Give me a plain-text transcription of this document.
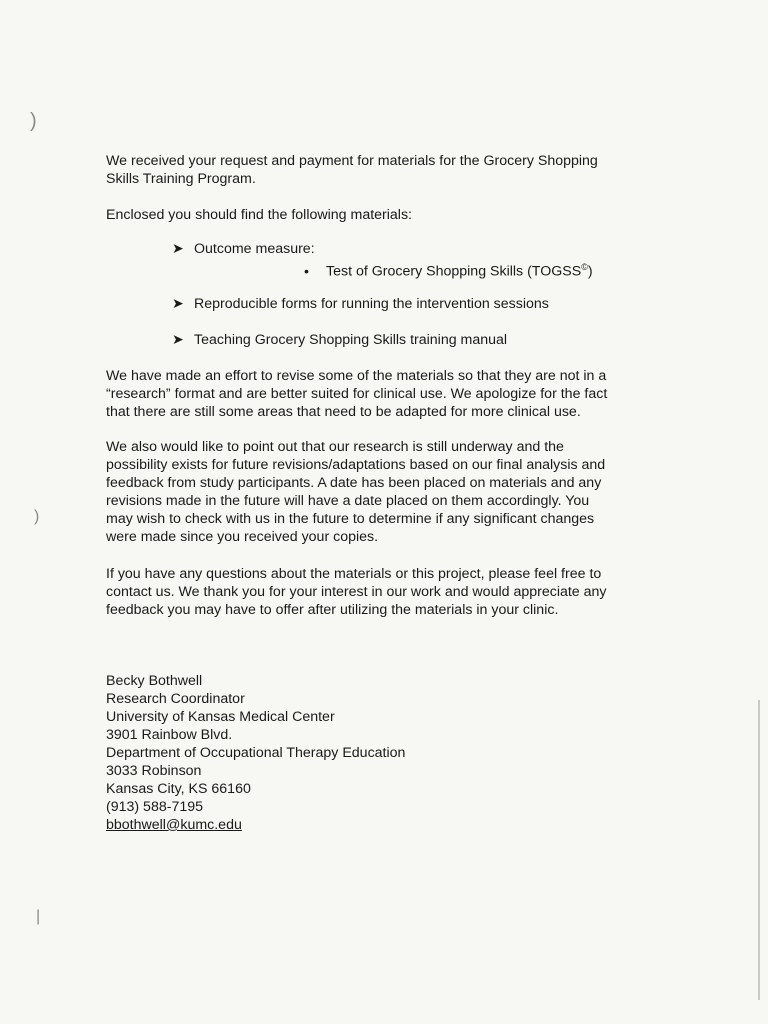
)
)
|
We received your request and payment for materials for the Grocery Shopping
Skills Training Program.
Enclosed you should find the following materials:
➤ Outcome measure:
• Test of Grocery Shopping Skills (TOGSS©)
➤ Reproducible forms for running the intervention sessions
➤ Teaching Grocery Shopping Skills training manual
We have made an effort to revise some of the materials so that they are not in a
“research” format and are better suited for clinical use. We apologize for the fact
that there are still some areas that need to be adapted for more clinical use.
We also would like to point out that our research is still underway and the
possibility exists for future revisions/adaptations based on our final analysis and
feedback from study participants. A date has been placed on materials and any
revisions made in the future will have a date placed on them accordingly. You
may wish to check with us in the future to determine if any significant changes
were made since you received your copies.
If you have any questions about the materials or this project, please feel free to
contact us. We thank you for your interest in our work and would appreciate any
feedback you may have to offer after utilizing the materials in your clinic.
Becky Bothwell
Research Coordinator
University of Kansas Medical Center
3901 Rainbow Blvd.
Department of Occupational Therapy Education
3033 Robinson
Kansas City, KS 66160
(913) 588-7195
bbothwell@kumc.edu
